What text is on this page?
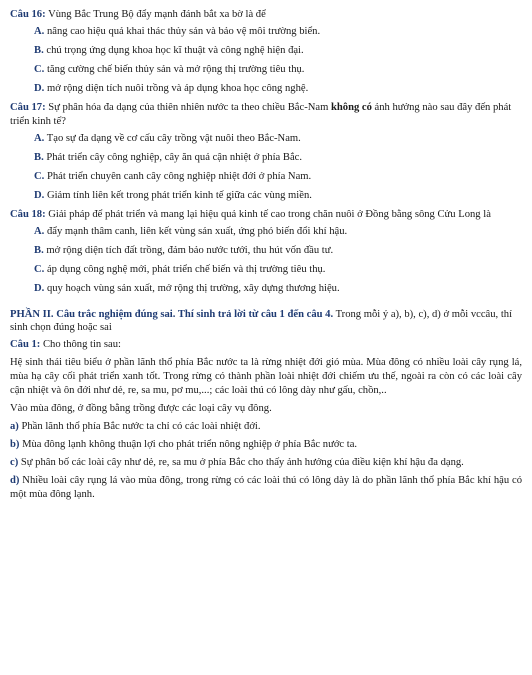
Câu 16: Vùng Bắc Trung Bộ đẩy mạnh đánh bắt xa bờ là để
A. nâng cao hiệu quả khai thác thủy sản và bảo vệ môi trường biển.
B. chú trọng ứng dụng khoa học kĩ thuật và công nghệ hiện đại.
C. tăng cường chế biến thủy sản và mở rộng thị trường tiêu thụ.
D. mở rộng diện tích nuôi trồng và áp dụng khoa học công nghệ.
Câu 17: Sự phân hóa đa dạng của thiên nhiên nước ta theo chiều Bắc-Nam không có ảnh hưởng nào sau đây đến phát triển kinh tế?
A. Tạo sự đa dạng về cơ cấu cây trồng vật nuôi theo Bắc-Nam.
B. Phát triển cây công nghiệp, cây ăn quả cận nhiệt ở phía Bắc.
C. Phát triển chuyên canh cây công nghiệp nhiệt đới ở phía Nam.
D. Giảm tính liên kết trong phát triển kinh tế giữa các vùng miền.
Câu 18: Giải pháp để phát triển và mang lại hiệu quả kinh tế cao trong chăn nuôi ở Đồng bằng sông Cửu Long là
A. đẩy mạnh thâm canh, liên kết vùng sản xuất, ứng phó biến đổi khí hậu.
B. mở rộng diện tích đất trồng, đảm bảo nước tưới, thu hút vốn đầu tư.
C. áp dụng công nghệ mới, phát triển chế biến và thị trường tiêu thụ.
D. quy hoạch vùng sản xuất, mở rộng thị trường, xây dựng thương hiệu.
PHẦN II. Câu trắc nghiệm đúng sai. Thí sinh trả lời từ câu 1 đến câu 4. Trong mỗi ý a), b), c), d) ở mỗi vccâu, thí sinh chọn đúng hoặc sai
Câu 1: Cho thông tin sau:
Hệ sinh thái tiêu biểu ở phần lãnh thổ phía Bắc nước ta là rừng nhiệt đới gió mùa. Mùa đông có nhiều loài cây rụng lá, mùa hạ cây cối phát triển xanh tốt. Trong rừng có thành phần loài nhiệt đới chiếm ưu thế, ngoài ra còn có các loài cây cận nhiệt và ôn đới như dẻ, re, sa mu, pơ mu,...; các loài thú có lông dày như gấu, chồn,..
Vào mùa đông, ở đồng bằng trồng được các loại cây vụ đông.
a) Phần lãnh thổ phía Bắc nước ta chỉ có các loài nhiệt đới.
b) Mùa đông lạnh không thuận lợi cho phát triển nông nghiệp ở phía Bắc nước ta.
c) Sự phân bố các loài cây như dẻ, re, sa mu ở phía Bắc cho thấy ảnh hưởng của điều kiện khí hậu đa dạng.
d) Nhiều loài cây rụng lá vào mùa đông, trong rừng có các loài thú có lông dày là do phần lãnh thổ phía Bắc khí hậu có một mùa đông lạnh.
